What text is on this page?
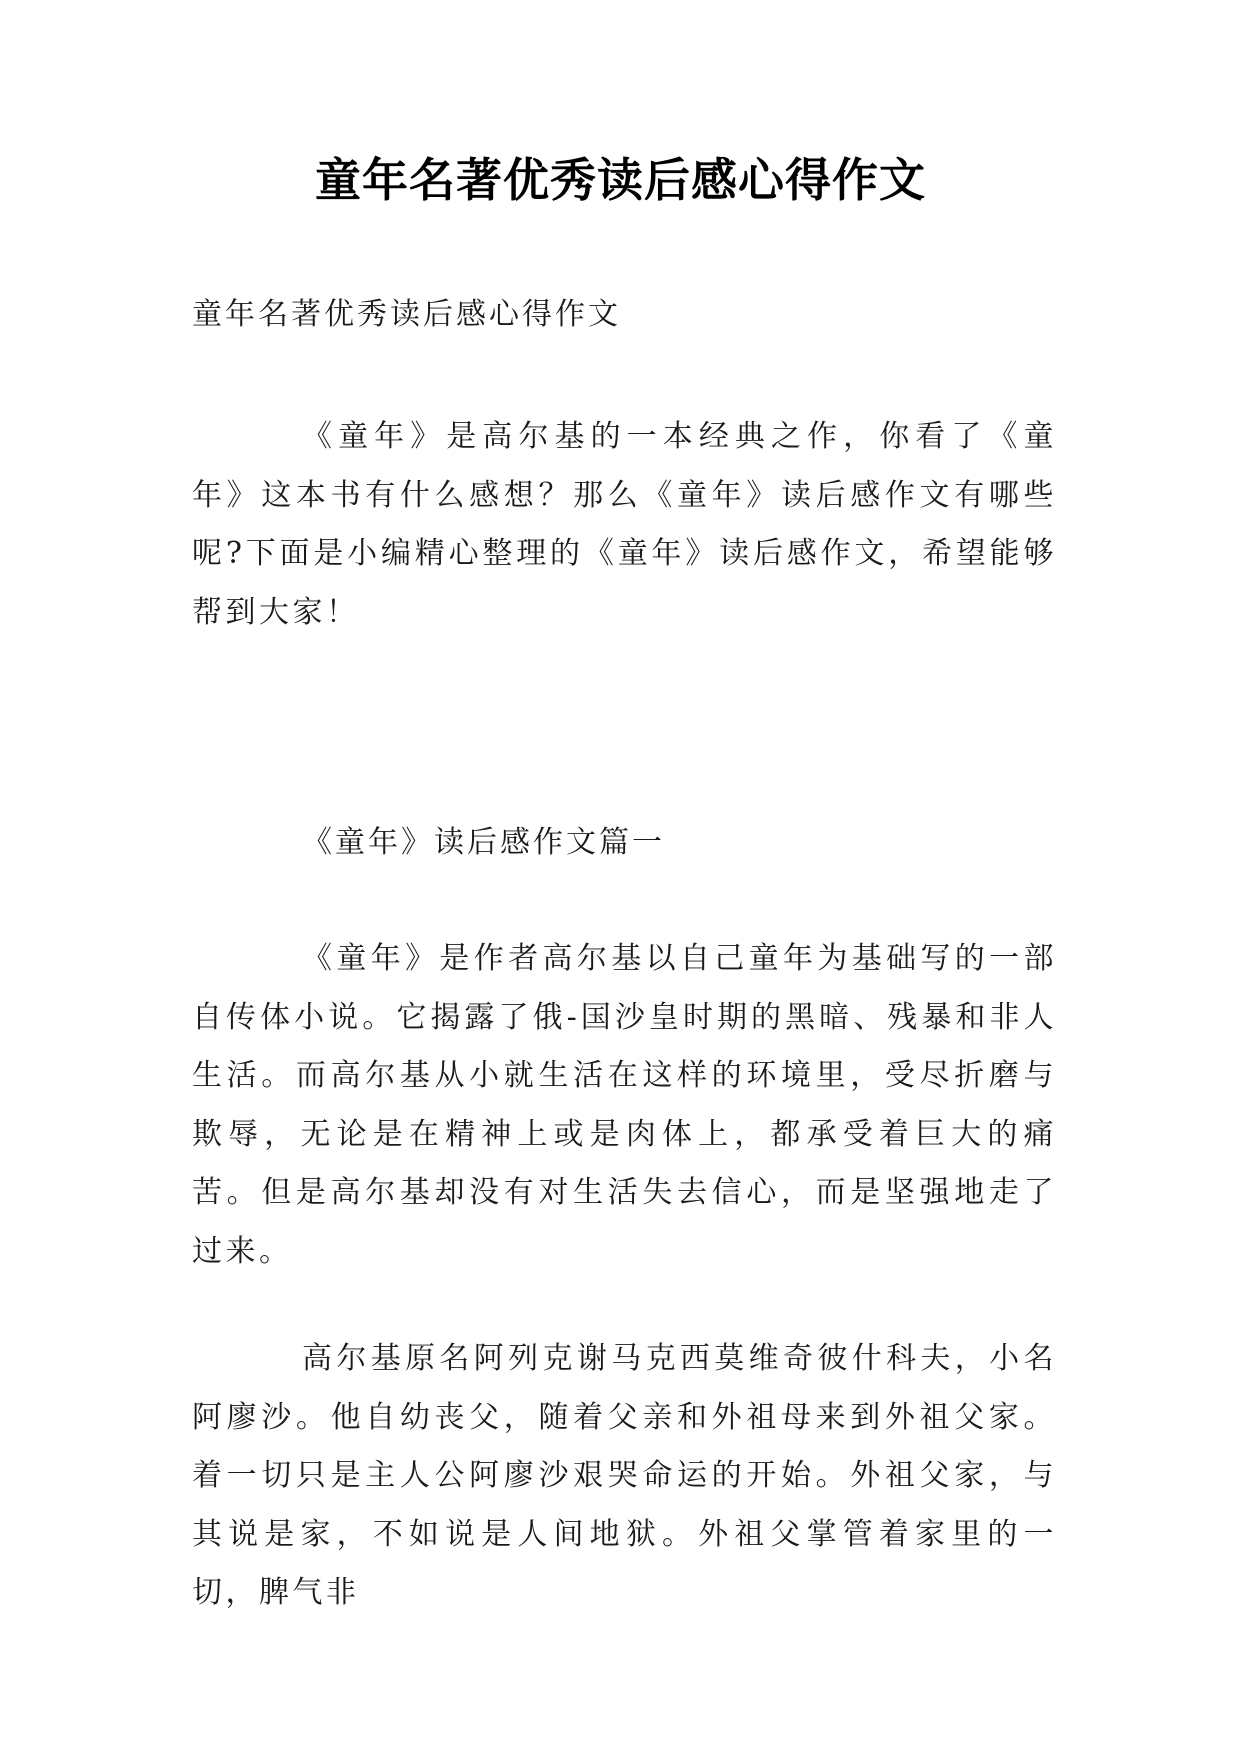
童年名著优秀读后感心得作文
童年名著优秀读后感心得作文

《童年》是高尔基的一本经典之作，你看了《童年》这本书有什么感想？那么《童年》读后感作文有哪些呢?下面是小编精心整理的《童年》读后感作文，希望能够帮到大家！

《童年》读后感作文篇一

《童年》是作者高尔基以自己童年为基础写的一部自传体小说。它揭露了俄-国沙皇时期的黑暗、残暴和非人生活。而高尔基从小就生活在这样的环境里，受尽折磨与欺辱，无论是在精神上或是肉体上，都承受着巨大的痛苦。但是高尔基却没有对生活失去信心，而是坚强地走了过来。

高尔基原名阿列克谢马克西莫维奇彼什科夫，小名阿廖沙。他自幼丧父，随着父亲和外祖母来到外祖父家。着一切只是主人公阿廖沙艰哭命运的开始。外祖父家，与其说是家，不如说是人间地狱。外祖父掌管着家里的一切，脾气非
